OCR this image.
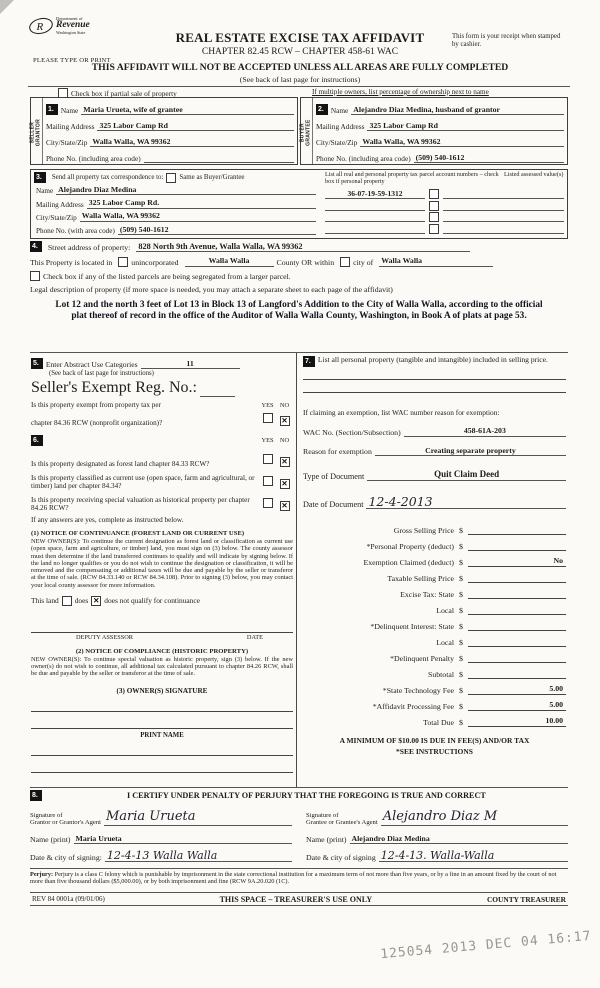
R
Department of
Revenue
Washington State
PLEASE TYPE OR PRINT
REAL ESTATE EXCISE TAX AFFIDAVIT
CHAPTER 82.45 RCW – CHAPTER 458-61 WAC
This form is your receipt when stamped by cashier.
THIS AFFIDAVIT WILL NOT BE ACCEPTED UNLESS ALL AREAS ARE FULLY COMPLETED
(See back of last page for instructions)
Check box if partial sale of property	If multiple owners, list percentage of ownership next to name
SELLER GRANTOR
1. Name Maria Urueta, wife of grantee
Mailing Address 325 Labor Camp Rd
City/State/Zip Walla Walla, WA 99362
Phone No. (including area code)
BUYER GRANTEE
2. Name Alejandro Diaz Medina, husband of grantor
Mailing Address 325 Labor Camp Rd
City/State/Zip Walla Walla, WA 99362
Phone No. (including area code) (509) 540-1612
3.	Send all property tax correspondence to: Same as Buyer/Grantee
Name Alejandro Diaz Medina
Mailing Address 325 Labor Camp Rd.
City/State/Zip Walla Walla, WA 99362
Phone No. (with area code) (509) 540-1612
List all real and personal property tax parcel account numbers – check box if personal property
Listed assessed value(s)
36-07-19-59-1312
4.	Street address of property: 828 North 9th Avenue, Walla Walla, WA 99362
This Property is located in	unincorporated	Walla Walla	County OR within	city of	Walla Walla
Check box if any of the listed parcels are being segregated from a larger parcel.
Legal description of property (if more space is needed, you may attach a separate sheet to each page of the affidavit)
Lot 12 and the north 3 feet of Lot 13 in Block 13 of Langford's Addition to the City of Walla Walla, according to the official plat thereof of record in the office of the Auditor of Walla Walla County, Washington, in Book A of plats at page 53.
5. Enter Abstract Use Categories	11
(See back of last page for instructions)
Seller's Exempt Reg. No.:
Is this property exempt from property tax per	YES NO
chapter 84.36 RCW (nonprofit organization)?	✕
6.	YES NO
Is this property designated as forest land chapter 84.33 RCW?	✕
Is this property classified as current use (open space, farm and agricultural, or timber) land per chapter 84.34?	✕
Is this property receiving special valuation as historical property per chapter 84.26 RCW?	✕
If any answers are yes, complete as instructed below.
(1) NOTICE OF CONTINUANCE (FOREST LAND OR CURRENT USE)
NEW OWNER(S): To continue the current designation as forest land or classification as current use (open space, farm and agriculture, or timber) land, you must sign on (3) below. The county assessor must then determine if the land transferred continues to qualify and will indicate by signing below. If the land no longer qualifies or you do not wish to continue the designation or classification, it will be removed and the compensating or additional taxes will be due and payable by the seller or transferor at the time of sale. (RCW 84.33.140 or RCW 84.34.108). Prior to signing (3) below, you may contact your local county assessor for more information.
This land does ✕ does not qualify for continuance
DEPUTY ASSESSOR	DATE
(2) NOTICE OF COMPLIANCE (HISTORIC PROPERTY)
NEW OWNER(S): To continue special valuation as historic property, sign (3) below. If the new owner(s) do not wish to continue, all additional tax calculated pursuant to chapter 84.26 RCW, shall be due and payable by the seller or transferor at the time of sale.
(3) OWNER(S) SIGNATURE
PRINT NAME
7. List all personal property (tangible and intangible) included in selling price.
If claiming an exemption, list WAC number reason for exemption:
WAC No. (Section/Subsection)	458-61A-203
Reason for exemption	Creating separate property
Type of Document	Quit Claim Deed
Date of Document 12-4-2013
Gross Selling Price $
*Personal Property (deduct) $
Exemption Claimed (deduct) $	No
Taxable Selling Price $
Excise Tax: State $
Local $
*Delinquent Interest: State $
Local $
*Delinquent Penalty $
Subtotal $
*State Technology Fee $	5.00
*Affidavit Processing Fee $	5.00
Total Due $	10.00
A MINIMUM OF $10.00 IS DUE IN FEE(S) AND/OR TAX
*SEE INSTRUCTIONS
8.	I CERTIFY UNDER PENALTY OF PERJURY THAT THE FOREGOING IS TRUE AND CORRECT
Signature of
Grantor or Grantor's Agent Maria Urueta
Name (print) Maria Urueta
Date & city of signing: 12-4-13 Walla Walla
Signature of
Grantee or Grantee's Agent Alejandro Diaz M
Name (print) Alejandro Diaz Medina
Date & city of signing 12-4-13. Walla-Walla
Perjury: Perjury is a class C felony which is punishable by imprisonment in the state correctional institution for a maximum term of not more than five years, or by a fine in an amount fixed by the court of not more than five thousand dollars ($5,000.00), or by both imprisonment and fine (RCW 9A.20.020 (1C).
REV 84 0001a (09/01/06)	THIS SPACE – TREASURER'S USE ONLY	COUNTY TREASURER
125054 2013 DEC 04 16:17
